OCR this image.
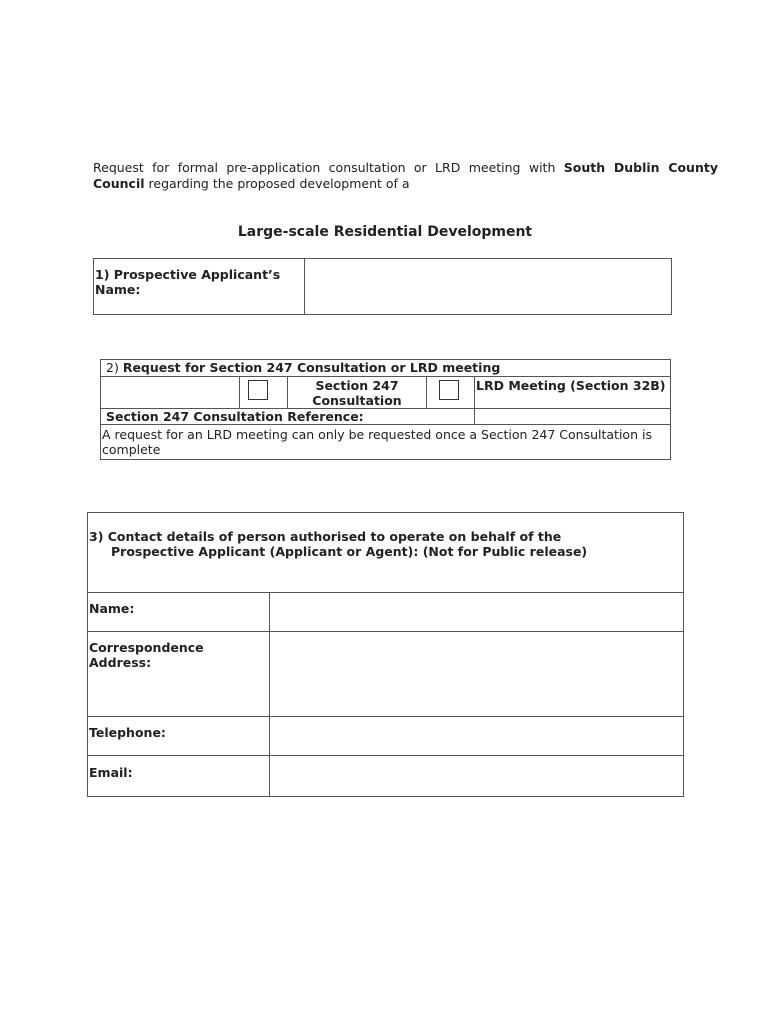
Request for formal pre-application consultation or LRD meeting with South Dublin County Council regarding the proposed development of a
Large-scale Residential Development
1) Prospective Applicant’s Name:	
2) Request for Section 247 Consultation or LRD meeting				
		Section 247 Consultation		LRD Meeting (Section 32B)
Section 247 Consultation Reference:				
A request for an LRD meeting can only be requested once a Section 247 Consultation is complete				
3) Contact details of person authorised to operate on behalf of the
Prospective Applicant (Applicant or Agent): (Not for Public release)	

Name:	
Correspondence Address:	
Telephone:	
Email:	
